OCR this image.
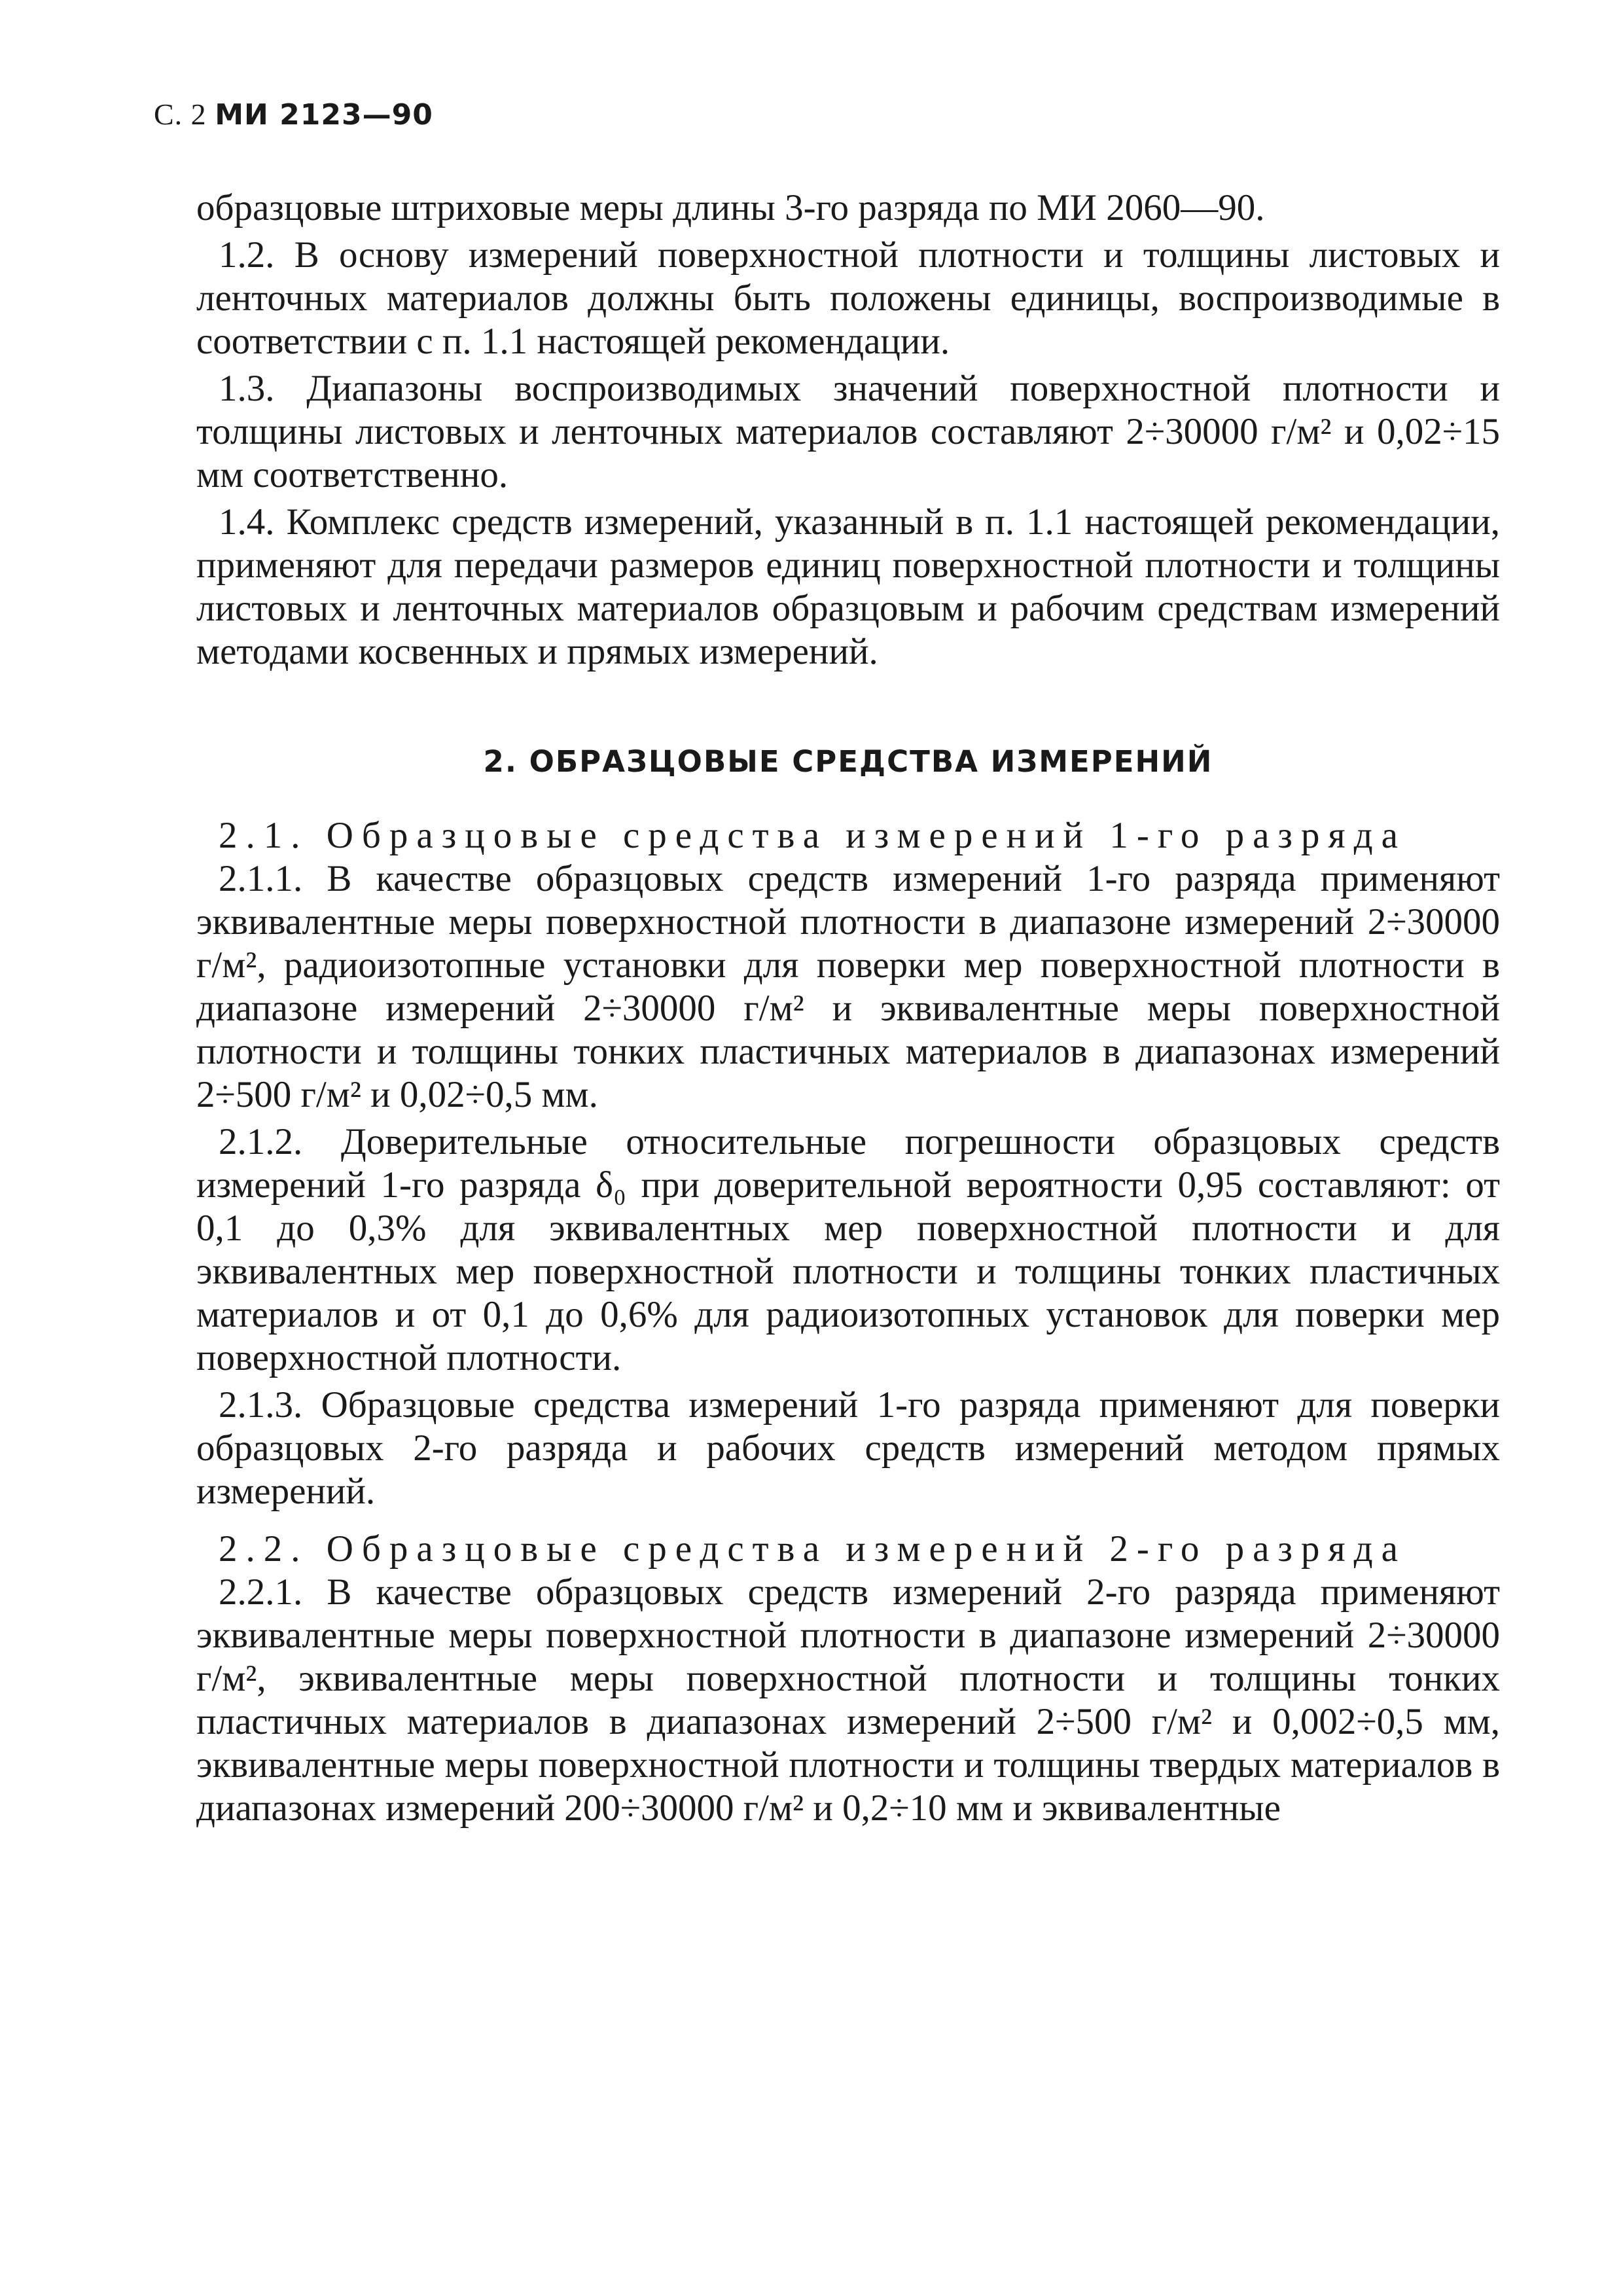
С. 2 МИ 2123—90

образцовые штриховые меры длины 3-го разряда по МИ 2060—90.

1.2. В основу измерений поверхностной плотности и толщины листовых и ленточных материалов должны быть положены единицы, воспроизводимые в соответствии с п. 1.1 настоящей рекомендации.

1.3. Диапазоны воспроизводимых значений поверхностной плотности и толщины листовых и ленточных материалов составляют 2÷30000 г/м² и 0,02÷15 мм соответственно.

1.4. Комплекс средств измерений, указанный в п. 1.1 настоящей рекомендации, применяют для передачи размеров единиц поверхностной плотности и толщины листовых и ленточных материалов образцовым и рабочим средствам измерений методами косвенных и прямых измерений.

2. ОБРАЗЦОВЫЕ СРЕДСТВА ИЗМЕРЕНИЙ

2.1. Образцовые средства измерений 1-го разряда

2.1.1. В качестве образцовых средств измерений 1-го разряда применяют эквивалентные меры поверхностной плотности в диапазоне измерений 2÷30000 г/м², радиоизотопные установки для поверки мер поверхностной плотности в диапазоне измерений 2÷30000 г/м² и эквивалентные меры поверхностной плотности и толщины тонких пластичных материалов в диапазонах измерений 2÷500 г/м² и 0,02÷0,5 мм.

2.1.2. Доверительные относительные погрешности образцовых средств измерений 1-го разряда δ₀ при доверительной вероятности 0,95 составляют: от 0,1 до 0,3% для эквивалентных мер поверхностной плотности и для эквивалентных мер поверхностной плотности и толщины тонких пластичных материалов и от 0,1 до 0,6% для радиоизотопных установок для поверки мер поверхностной плотности.

2.1.3. Образцовые средства измерений 1-го разряда применяют для поверки образцовых 2-го разряда и рабочих средств измерений методом прямых измерений.

2.2. Образцовые средства измерений 2-го разряда

2.2.1. В качестве образцовых средств измерений 2-го разряда применяют эквивалентные меры поверхностной плотности в диапазоне измерений 2÷30000 г/м², эквивалентные меры поверхностной плотности и толщины тонких пластичных материалов в диапазонах измерений 2÷500 г/м² и 0,002÷0,5 мм, эквивалентные меры поверхностной плотности и толщины твердых материалов в диапазонах измерений 200÷30000 г/м² и 0,2÷10 мм и эквивалентные
